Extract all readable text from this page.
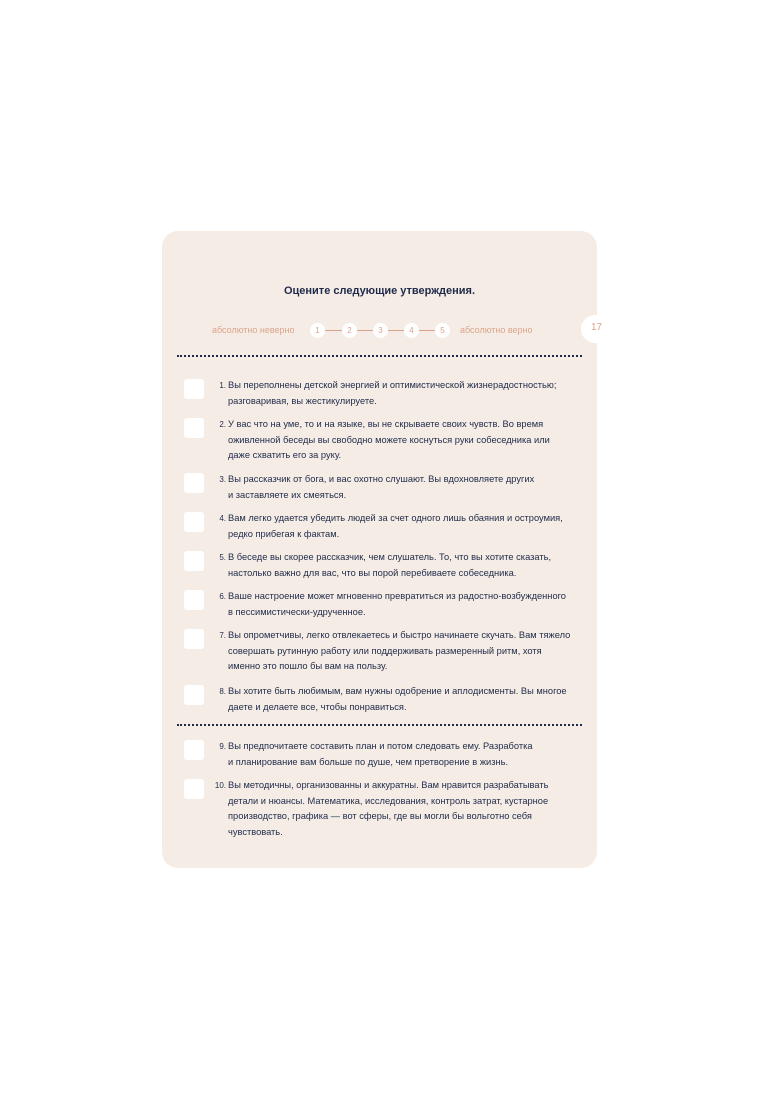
Оцените следующие утверждения.
абсолютно неверно	1	2	3	4	5	абсолютно верно	17
1. Вы переполнены детской энергией и оптимистической жизнерадостностью;
разговаривая, вы жестикулируете.
2. У вас что на уме, то и на языке, вы не скрываете своих чувств. Во время
оживленной беседы вы свободно можете коснуться руки собеседника или
даже схватить его за руку.
3. Вы рассказчик от бога, и вас охотно слушают. Вы вдохновляете других
и заставляете их смеяться.
4. Вам легко удается убедить людей за счет одного лишь обаяния и остроумия,
редко прибегая к фактам.
5. В беседе вы скорее рассказчик, чем слушатель. То, что вы хотите сказать,
настолько важно для вас, что вы порой перебиваете собеседника.
6. Ваше настроение может мгновенно превратиться из радостно-возбужденного
в пессимистически-удрученное.
7. Вы опрометчивы, легко отвлекаетесь и быстро начинаете скучать. Вам тяжело
совершать рутинную работу или поддерживать размеренный ритм, хотя
именно это пошло бы вам на пользу.
8. Вы хотите быть любимым, вам нужны одобрение и аплодисменты. Вы многое
даете и делаете все, чтобы понравиться.
9. Вы предпочитаете составить план и потом следовать ему. Разработка
и планирование вам больше по душе, чем претворение в жизнь.
10. Вы методичны, организованны и аккуратны. Вам нравится разрабатывать
детали и нюансы. Математика, исследования, контроль затрат, кустарное
производство, графика — вот сферы, где вы могли бы вольготно себя
чувствовать.
